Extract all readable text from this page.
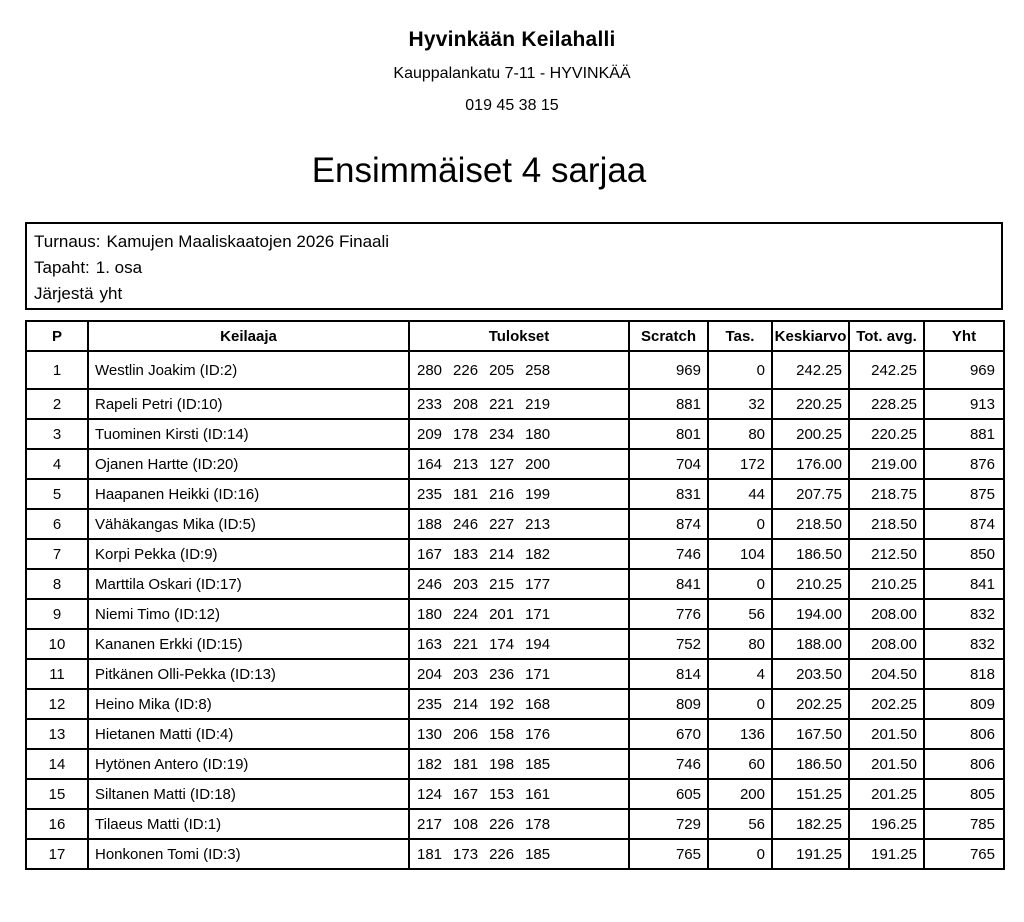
Hyvinkään Keilahalli
Kauppalankatu 7-11 - HYVINKÄÄ
019 45 38 15
Ensimmäiset 4 sarjaa
Turnaus: Kamujen Maaliskaatojen 2026 Finaali
Tapaht: 1. osa
Järjestä yht
P	Keilaaja	Tulokset	Scratch	Tas.	Keskiarvo	Tot. avg.	Yht
1	Westlin Joakim (ID:2)	280 226 205 258	969	0	242.25	242.25	969
2	Rapeli Petri (ID:10)	233 208 221 219	881	32	220.25	228.25	913
3	Tuominen Kirsti (ID:14)	209 178 234 180	801	80	200.25	220.25	881
4	Ojanen Hartte (ID:20)	164 213 127 200	704	172	176.00	219.00	876
5	Haapanen Heikki (ID:16)	235 181 216 199	831	44	207.75	218.75	875
6	Vähäkangas Mika (ID:5)	188 246 227 213	874	0	218.50	218.50	874
7	Korpi Pekka (ID:9)	167 183 214 182	746	104	186.50	212.50	850
8	Marttila Oskari (ID:17)	246 203 215 177	841	0	210.25	210.25	841
9	Niemi Timo (ID:12)	180 224 201 171	776	56	194.00	208.00	832
10	Kananen Erkki (ID:15)	163 221 174 194	752	80	188.00	208.00	832
11	Pitkänen Olli-Pekka (ID:13)	204 203 236 171	814	4	203.50	204.50	818
12	Heino Mika (ID:8)	235 214 192 168	809	0	202.25	202.25	809
13	Hietanen Matti (ID:4)	130 206 158 176	670	136	167.50	201.50	806
14	Hytönen Antero (ID:19)	182 181 198 185	746	60	186.50	201.50	806
15	Siltanen Matti (ID:18)	124 167 153 161	605	200	151.25	201.25	805
16	Tilaeus Matti (ID:1)	217 108 226 178	729	56	182.25	196.25	785
17	Honkonen Tomi (ID:3)	181 173 226 185	765	0	191.25	191.25	765
